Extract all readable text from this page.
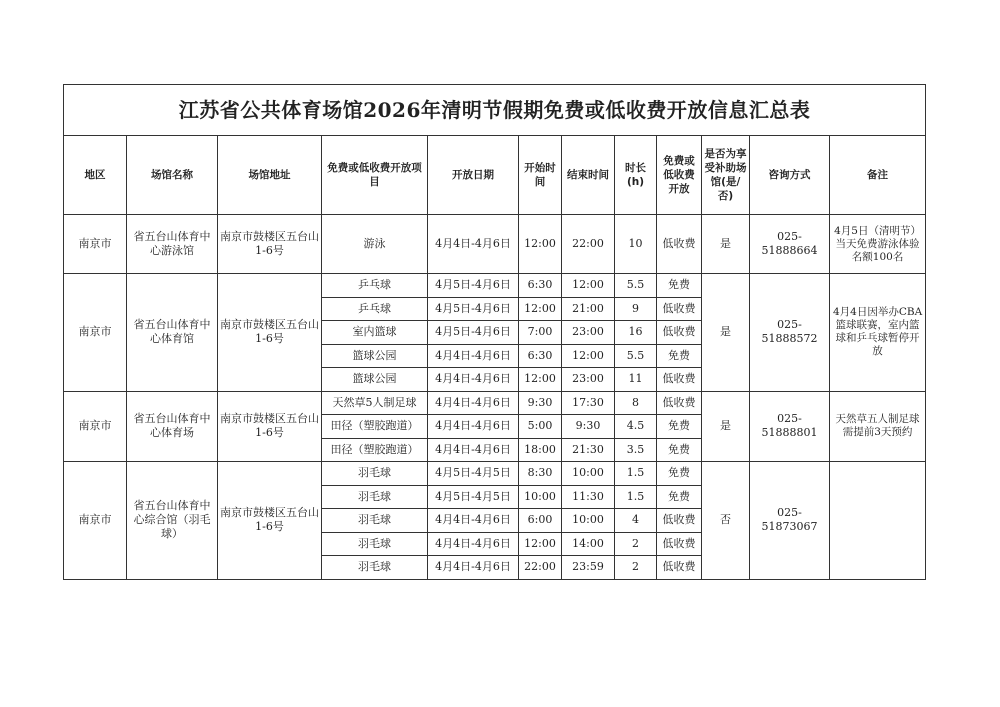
江苏省公共体育场馆2026年清明节假期免费或低收费开放信息汇总表											
地区	场馆名称	场馆地址	免费或低收费开放项目	开放日期	开始时间	结束时间	时长(h)	免费或低收费开放	是否为享受补助场馆(是/否)	咨询方式	备注
南京市	省五台山体育中心游泳馆	南京市鼓楼区五台山1-6号	游泳	4月4日-4月6日	12:00	22:00	10	低收费	是	025-51888664	4月5日（清明节）当天免费游泳体验名额100名
南京市	省五台山体育中心体育馆	南京市鼓楼区五台山1-6号	乒乓球	4月5日-4月6日	6:30	12:00	5.5	免费	是	025-51888572	4月4日因举办CBA篮球联赛，室内篮球和乒乓球暂停开放
			乒乓球	4月5日-4月6日	12:00	21:00	9	低收费			
			室内篮球	4月5日-4月6日	7:00	23:00	16	低收费			
			篮球公园	4月4日-4月6日	6:30	12:00	5.5	免费			
			篮球公园	4月4日-4月6日	12:00	23:00	11	低收费			
南京市	省五台山体育中心体育场	南京市鼓楼区五台山1-6号	天然草5人制足球	4月4日-4月6日	9:30	17:30	8	低收费	是	025-51888801	天然草五人制足球需提前3天预约
			田径（塑胶跑道）	4月4日-4月6日	5:00	9:30	4.5	免费			
			田径（塑胶跑道）	4月4日-4月6日	18:00	21:30	3.5	免费			
南京市	省五台山体育中心综合馆（羽毛球）	南京市鼓楼区五台山1-6号	羽毛球	4月5日-4月5日	8:30	10:00	1.5	免费	否	025-51873067	
			羽毛球	4月5日-4月5日	10:00	11:30	1.5	免费			
			羽毛球	4月4日-4月6日	6:00	10:00	4	低收费			
			羽毛球	4月4日-4月6日	12:00	14:00	2	低收费			
			羽毛球	4月4日-4月6日	22:00	23:59	2	低收费			
